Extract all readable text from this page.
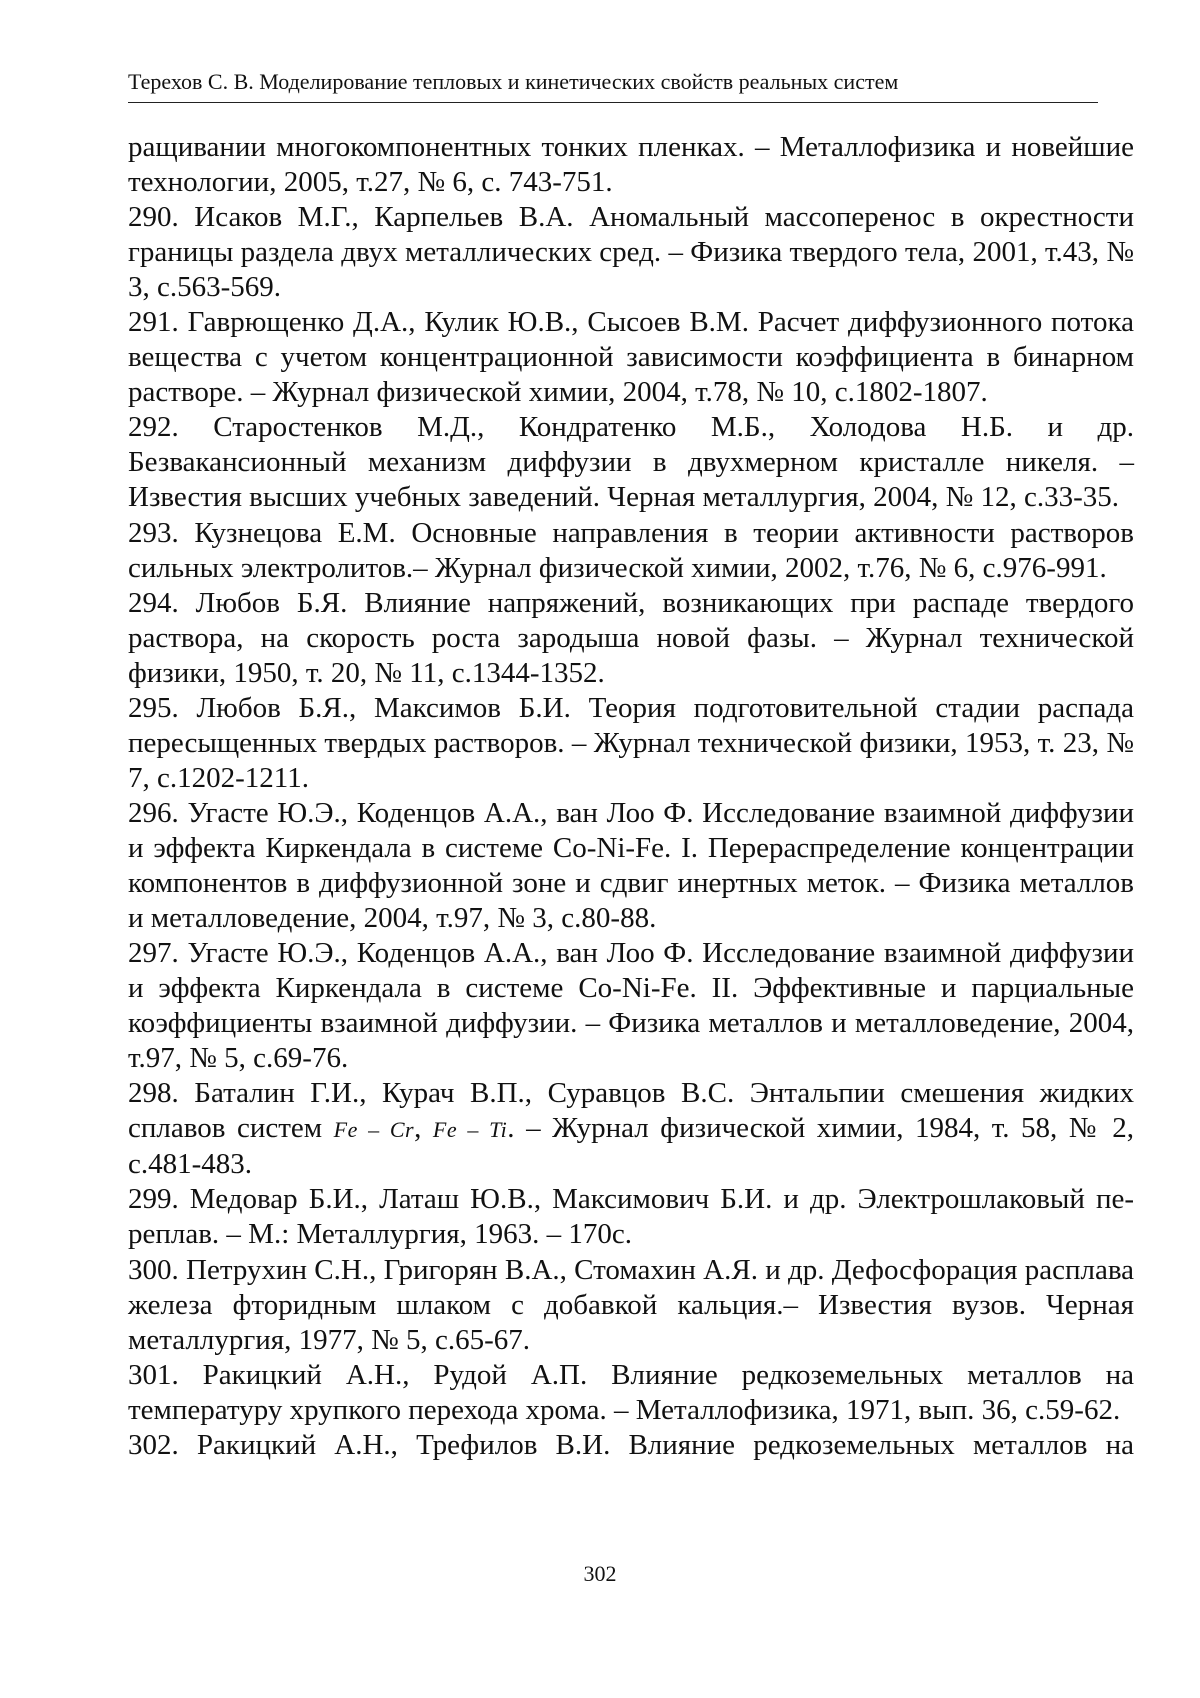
Терехов С. В. Моделирование тепловых и кинетических свойств реальных систем

ращивании многокомпонентных тонких пленках. – Металлофизика и новейшие технологии, 2005, т.27, № 6, с. 743-751.

290. Исаков М.Г., Карпельев В.А. Аномальный массоперенос в окрестности границы раздела двух металлических сред. – Физика твердого тела, 2001, т.43, № 3, с.563-569.

291. Гаврющенко Д.А., Кулик Ю.В., Сысоев В.М. Расчет диффузионного потока вещества с учетом концентрационной зависимости коэффициента в бинарном растворе. – Журнал физической химии, 2004, т.78, № 10, с.1802-1807.

292. Старостенков М.Д., Кондратенко М.Б., Холодова Н.Б. и др. Безвакансионный механизм диффузии в двухмерном кристалле никеля. – Известия высших учебных заведений. Черная металлургия, 2004, № 12, с.33-35.

293. Кузнецова Е.М. Основные направления в теории активности растворов сильных электролитов.– Журнал физической химии, 2002, т.76, № 6, с.976-991.

294. Любов Б.Я. Влияние напряжений, возникающих при распаде твердого раствора, на скорость роста зародыша новой фазы. – Журнал технической физики, 1950, т. 20, № 11, с.1344-1352.

295. Любов Б.Я., Максимов Б.И. Теория подготовительной стадии распада пересыщенных твердых растворов. – Журнал технической физики, 1953, т. 23, № 7, с.1202-1211.

296. Угасте Ю.Э., Коденцов А.А., ван Лоо Ф. Исследование взаимной диффузии и эффекта Киркендала в системе Co-Ni-Fe. I. Перераспределение концентрации компонентов в диффузионной зоне и сдвиг инертных меток. – Физика металлов и металловедение, 2004, т.97, № 3, с.80-88.

297. Угасте Ю.Э., Коденцов А.А., ван Лоо Ф. Исследование взаимной диффузии и эффекта Киркендала в системе Co-Ni-Fe. II. Эффективные и парциальные коэффициенты взаимной диффузии. – Физика металлов и металловедение, 2004, т.97, № 5, с.69-76.

298. Баталин Г.И., Курач В.П., Суравцов В.С. Энтальпии смешения жидких сплавов систем Fe – Cr, Fe – Ti. – Журнал физической химии, 1984, т. 58, № 2, с.481-483.

299. Медовар Б.И., Латаш Ю.В., Максимович Б.И. и др. Электрошлаковый пе-реплав. – М.: Металлургия, 1963. – 170с.

300. Петрухин С.Н., Григорян В.А., Стомахин А.Я. и др. Дефосфорация расплава железа фторидным шлаком с добавкой кальция.– Известия вузов. Черная металлургия, 1977, № 5, с.65-67.

301. Ракицкий А.Н., Рудой А.П. Влияние редкоземельных металлов на температуру хрупкого перехода хрома. – Металлофизика, 1971, вып. 36, с.59-62.

302. Ракицкий А.Н., Трефилов В.И. Влияние редкоземельных металлов на

302
